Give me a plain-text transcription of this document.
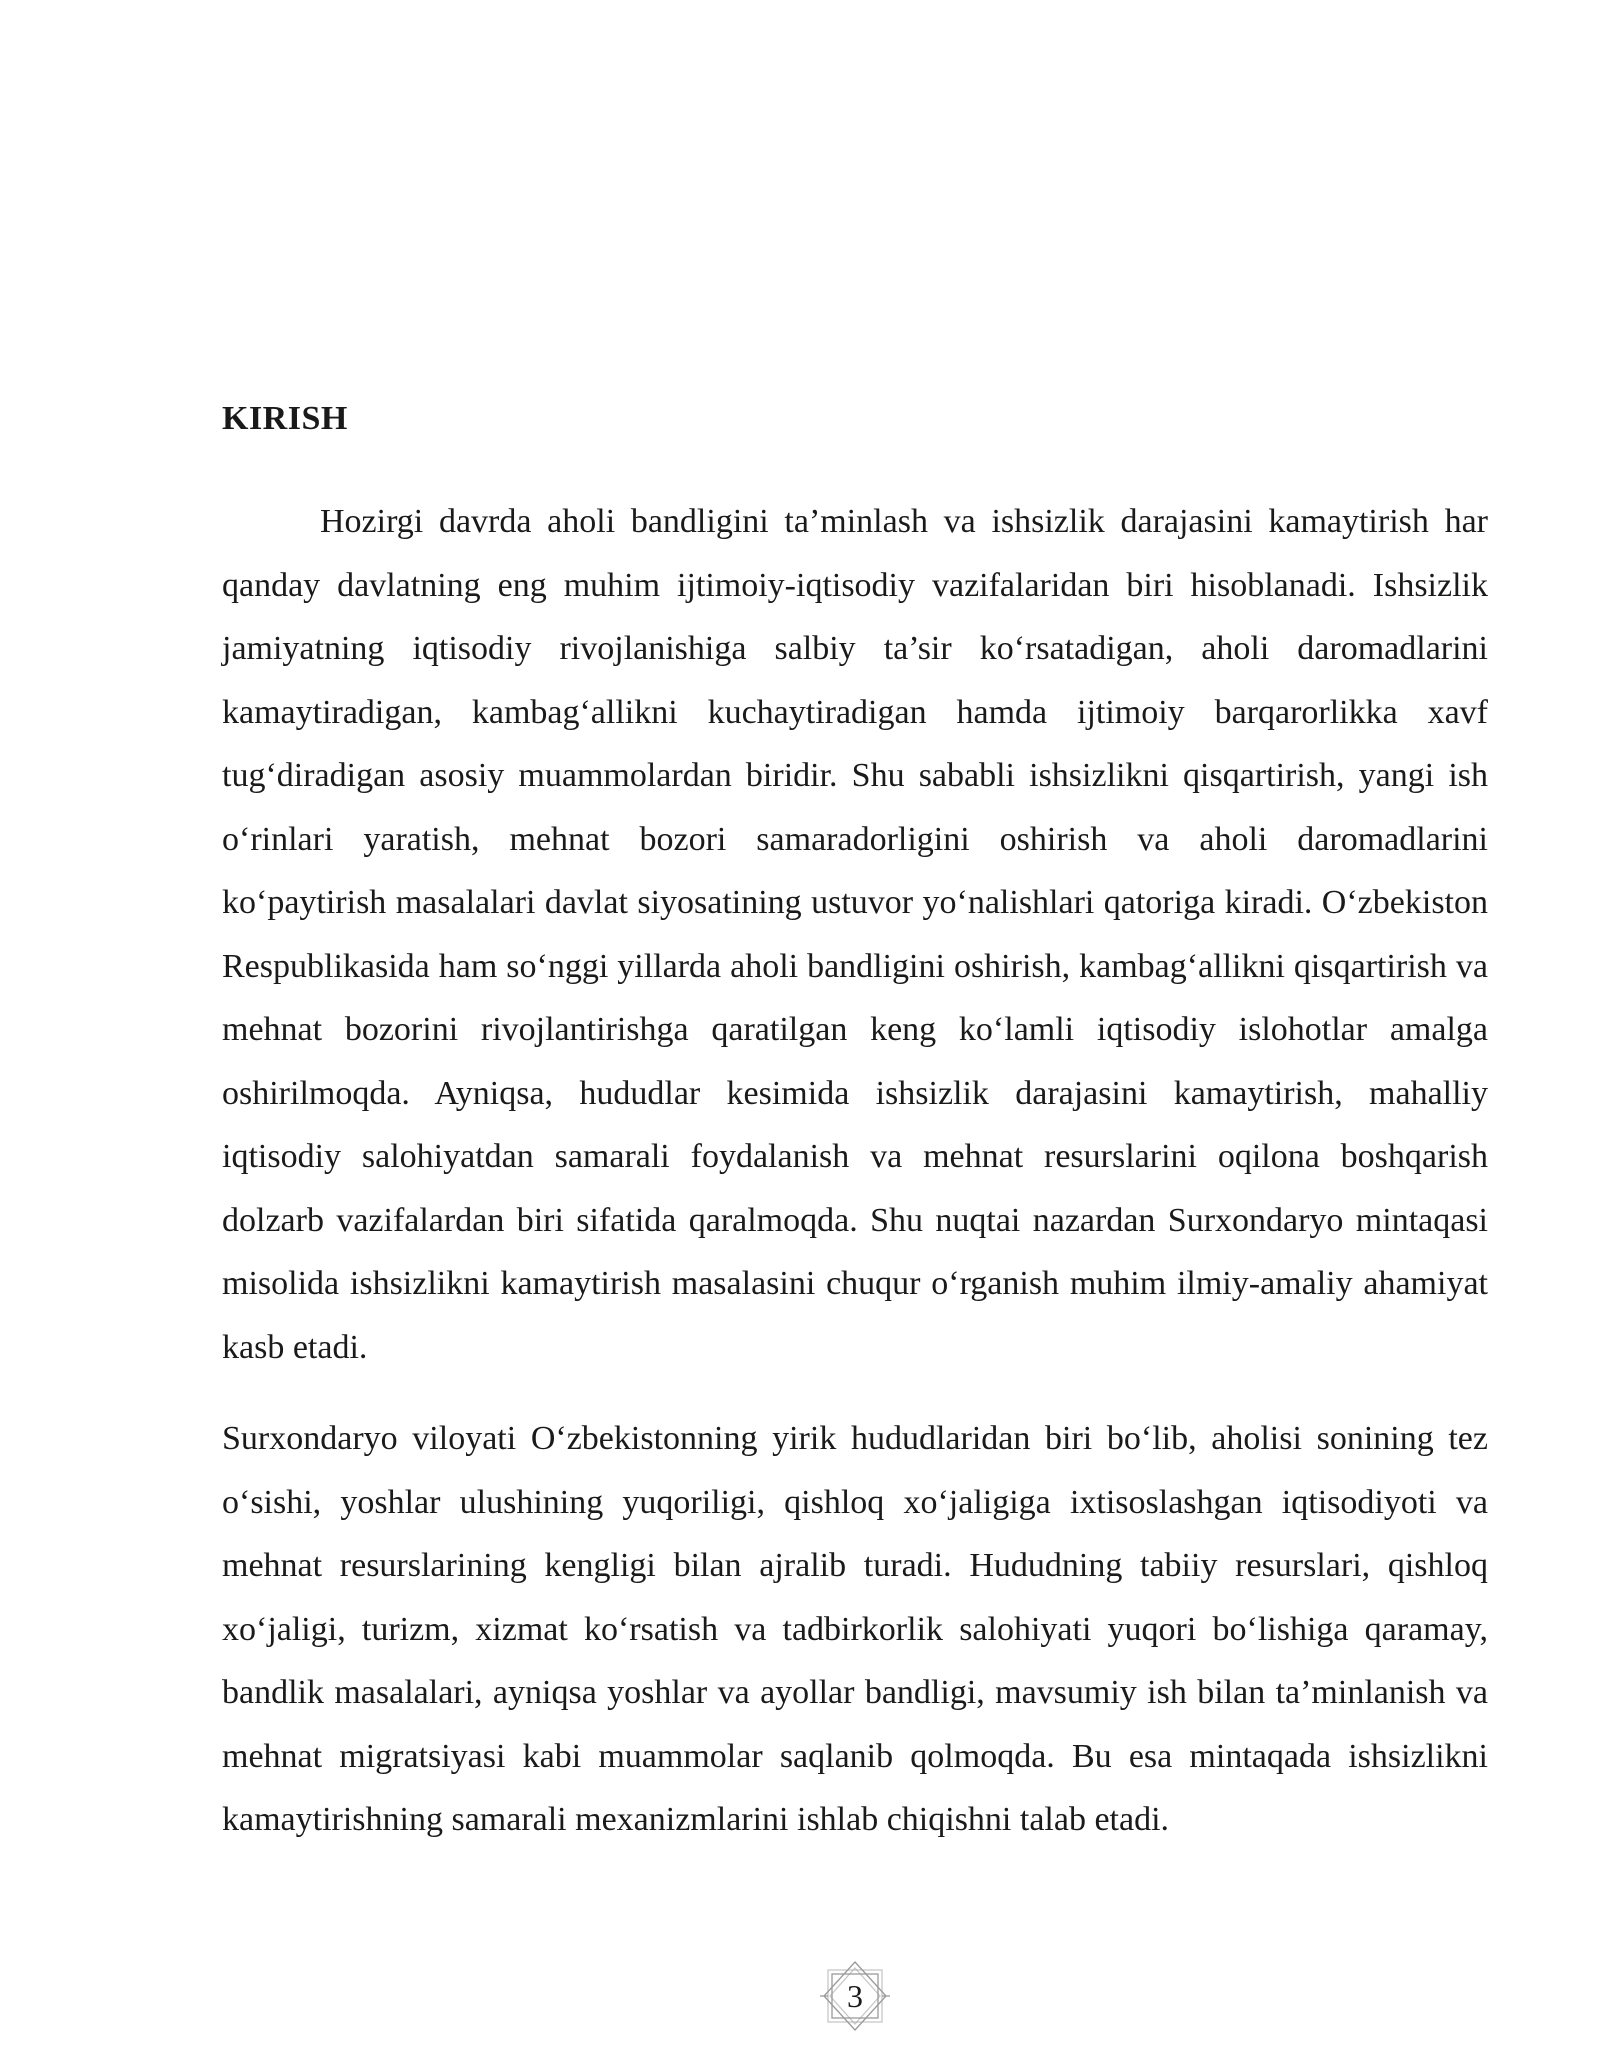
KIRISH

Hozirgi davrda aholi bandligini ta’minlash va ishsizlik darajasini kamaytirish har qanday davlatning eng muhim ijtimoiy-iqtisodiy vazifalaridan biri hisoblanadi. Ishsizlik jamiyatning iqtisodiy rivojlanishiga salbiy ta’sir ko‘rsatadigan, aholi daromadlarini kamaytiradigan, kambag‘allikni kuchaytiradigan hamda ijtimoiy barqarorlikka xavf tug‘diradigan asosiy muammolardan biridir. Shu sababli ishsizlikni qisqartirish, yangi ish o‘rinlari yaratish, mehnat bozori samaradorligini oshirish va aholi daromadlarini ko‘paytirish masalalari davlat siyosatining ustuvor yo‘nalishlari qatoriga kiradi. O‘zbekiston Respublikasida ham so‘nggi yillarda aholi bandligini oshirish, kambag‘allikni qisqartirish va mehnat bozorini rivojlantirishga qaratilgan keng ko‘lamli iqtisodiy islohotlar amalga oshirilmoqda. Ayniqsa, hududlar kesimida ishsizlik darajasini kamaytirish, mahalliy iqtisodiy salohiyatdan samarali foydalanish va mehnat resurslarini oqilona boshqarish dolzarb vazifalardan biri sifatida qaralmoqda. Shu nuqtai nazardan Surxondaryo mintaqasi misolida ishsizlikni kamaytirish masalasini chuqur o‘rganish muhim ilmiy-amaliy ahamiyat kasb etadi.

Surxondaryo viloyati O‘zbekistonning yirik hududlaridan biri bo‘lib, aholisi sonining tez o‘sishi, yoshlar ulushining yuqoriligi, qishloq xo‘jaligiga ixtisoslashgan iqtisodiyoti va mehnat resurslarining kengligi bilan ajralib turadi. Hududning tabiiy resurslari, qishloq xo‘jaligi, turizm, xizmat ko‘rsatish va tadbirkorlik salohiyati yuqori bo‘lishiga qaramay, bandlik masalalari, ayniqsa yoshlar va ayollar bandligi, mavsumiy ish bilan ta’minlanish va mehnat migratsiyasi kabi muammolar saqlanib qolmoqda. Bu esa mintaqada ishsizlikni kamaytirishning samarali mexanizmlarini ishlab chiqishni talab etadi.

3
